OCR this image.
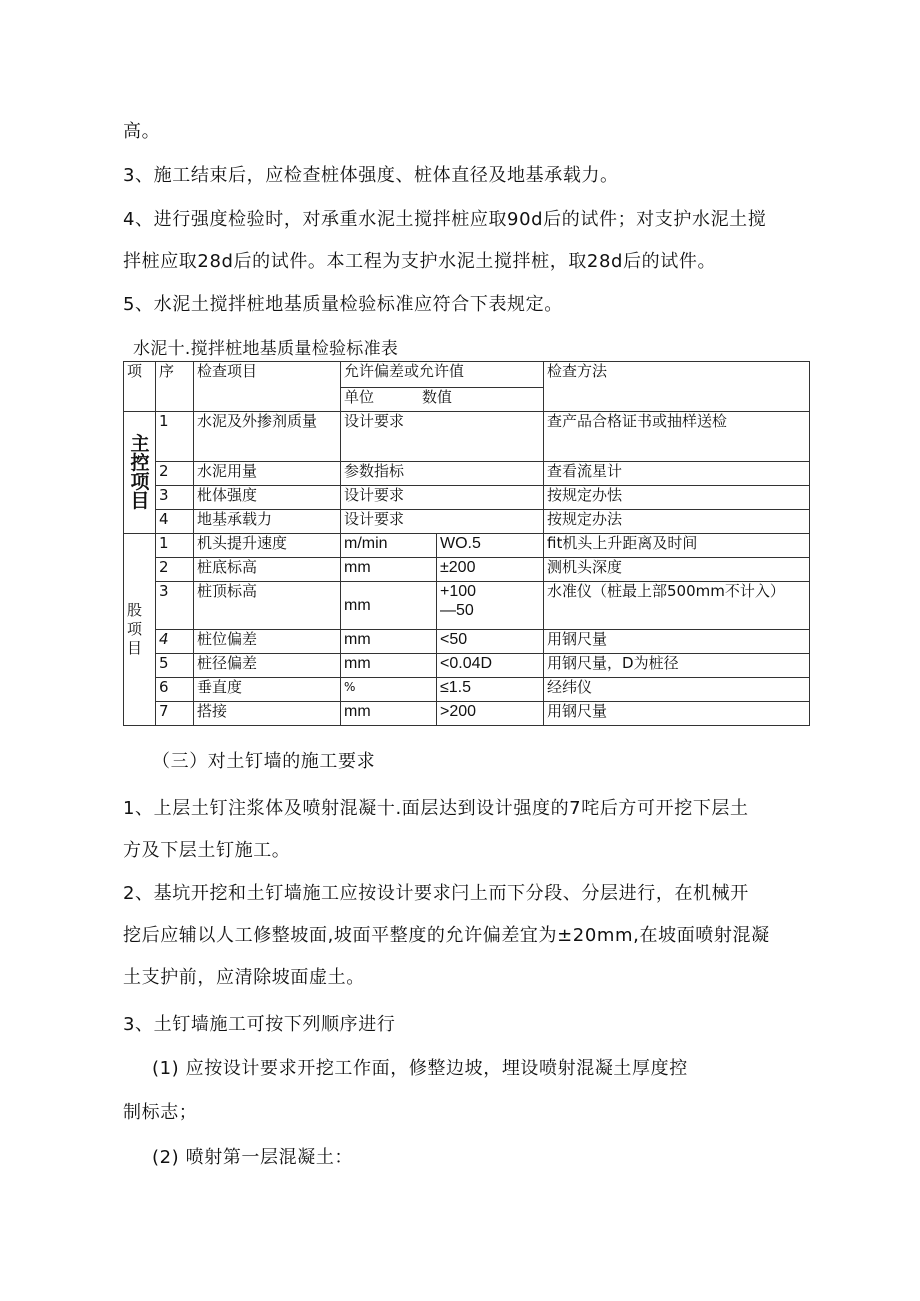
高。
3、施工结束后，应检查桩体强度、桩体直径及地基承载力。
4、进行强度检验时，对承重水泥土搅拌桩应取90d后的试件；对支护水泥土搅
拌桩应取28d后的试件。本工程为支护水泥土搅拌桩，取28d后的试件。
5、水泥土搅拌桩地基质量检验标准应符合下表规定。
水泥十.搅拌桩地基质量检验标准表
项	序	检查项目	允许偏差或允许值		检查方法
			单位 数值		

主控项目	1	水泥及外掺剂质量	设计要求		查产品合格证书或抽样送检
	2	水泥用量	参数指标		查看流星计
	3	枇体强度	设计要求		按规定办怯
	4	地基承载力	设计要求		按规定办法
股项目	1	机头提升速度	m/min	WO.5	fit机头上升距离及时间
	2	桩底标高	mm	±200	测机头深度
	3	桩顶标高	mm	+100
—50	水准仪（桩最上部500mm不计入）
	4	桩位偏差	mm	<50	用钢尺量
	5	桩径偏差	mm	<0.04D	用钢尺量，D为桩径
	6	垂直度	%	≤1.5	经纬仪
	7	搭接	mm	>200	用钢尺量
（三）对土钉墙的施工要求
1、上层土钉注浆体及喷射混凝十.面层达到设计强度的7咤后方可开挖下层土
方及下层土钉施工。
2、基坑开挖和土钉墙施工应按设计要求闩上而下分段、分层进行，在机械开
挖后应辅以人工修整坡面,坡面平整度的允许偏差宜为±20mm,在坡面喷射混凝
土支护前，应清除坡面虚土。
3、土钉墙施工可按下列顺序进行
(1) 应按设计要求开挖工作面，修整边坡，埋设喷射混凝土厚度控
制标志；
(2) 喷射第一层混凝土：
